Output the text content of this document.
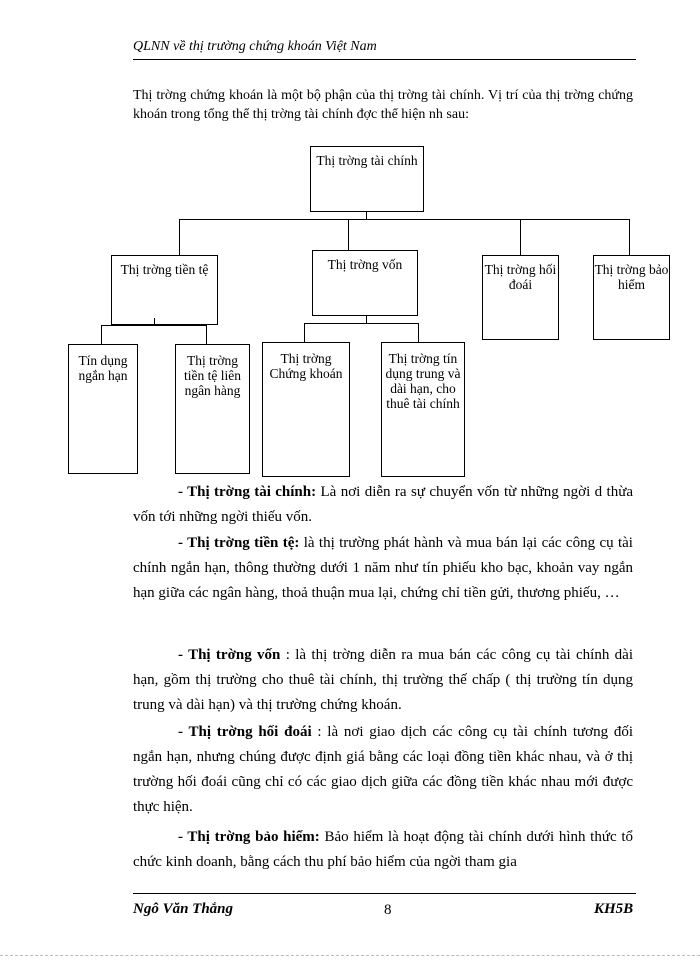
QLNN về thị trường chứng khoán Việt Nam
Thị trờng chứng khoán là một bộ phận của thị trờng tài chính. Vị trí của thị trờng chứng khoán trong tổng thể thị trờng tài chính đợc thể hiện nh sau:
Thị trờng tài chính
Thị trờng tiền tệ	Thị trờng vốn	Thị trờng hối đoái
Thị trờng bảo hiểm
Tín dụng ngắn hạn
Thị trờng tiền tệ liên ngân hàng
Thị trờng Chứng khoán
Thị trờng tín dụng trung và dài hạn, cho thuê tài chính
- Thị trờng tài chính: Là nơi diễn ra sự chuyển vốn từ những ngời d thừa vốn tới những ngời thiếu vốn.
- Thị trờng tiền tệ: là thị trường phát hành và mua bán lại các công cụ tài chính ngắn hạn, thông thường dưới 1 năm như tín phiếu kho bạc, khoản vay ngắn hạn giữa các ngân hàng, thoả thuận mua lại, chứng chỉ tiền gửi, thương phiếu, …
- Thị trờng vốn : là thị trờng diễn ra mua bán các công cụ tài chính dài hạn, gồm thị trường cho thuê tài chính, thị trường thế chấp ( thị trường tín dụng trung và dài hạn) và thị trường chứng khoán.
- Thị trờng hối đoái : là nơi giao dịch các công cụ tài chính tương đối ngắn hạn, nhưng chúng được định giá bằng các loại đồng tiền khác nhau, và ở thị trường hối đoái cũng chỉ có các giao dịch giữa các đồng tiền khác nhau mới được thực hiện.
- Thị trờng bảo hiểm: Bảo hiểm là hoạt động tài chính dưới hình thức tổ chức kinh doanh, bằng cách thu phí bảo hiểm của ngời tham gia
Ngô Văn Thắng	8	KH5B
